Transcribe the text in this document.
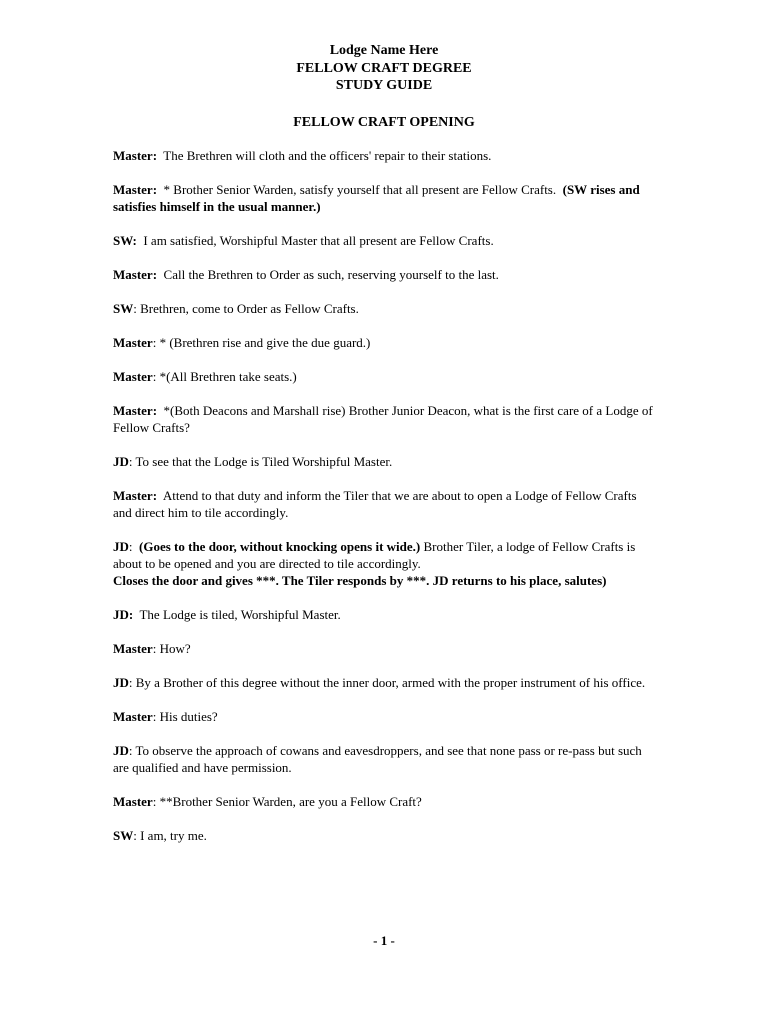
Lodge Name Here
FELLOW CRAFT DEGREE
STUDY GUIDE
FELLOW CRAFT OPENING

Master: The Brethren will cloth and the officers' repair to their stations.

Master: * Brother Senior Warden, satisfy yourself that all present are Fellow Crafts. (SW rises and satisfies himself in the usual manner.)

SW: I am satisfied, Worshipful Master that all present are Fellow Crafts.

Master: Call the Brethren to Order as such, reserving yourself to the last.

SW: Brethren, come to Order as Fellow Crafts.

Master: * (Brethren rise and give the due guard.)

Master: *(All Brethren take seats.)

Master: *(Both Deacons and Marshall rise) Brother Junior Deacon, what is the first care of a Lodge of Fellow Crafts?

JD: To see that the Lodge is Tiled Worshipful Master.

Master: Attend to that duty and inform the Tiler that we are about to open a Lodge of Fellow Crafts and direct him to tile accordingly.

JD: (Goes to the door, without knocking opens it wide.) Brother Tiler, a lodge of Fellow Crafts is about to be opened and you are directed to tile accordingly.
Closes the door and gives ***. The Tiler responds by ***. JD returns to his place, salutes)

JD: The Lodge is tiled, Worshipful Master.

Master: How?

JD: By a Brother of this degree without the inner door, armed with the proper instrument of his office.

Master: His duties?

JD: To observe the approach of cowans and eavesdroppers, and see that none pass or re-pass but such are qualified and have permission.

Master: **Brother Senior Warden, are you a Fellow Craft?

SW: I am, try me.

- 1 -
